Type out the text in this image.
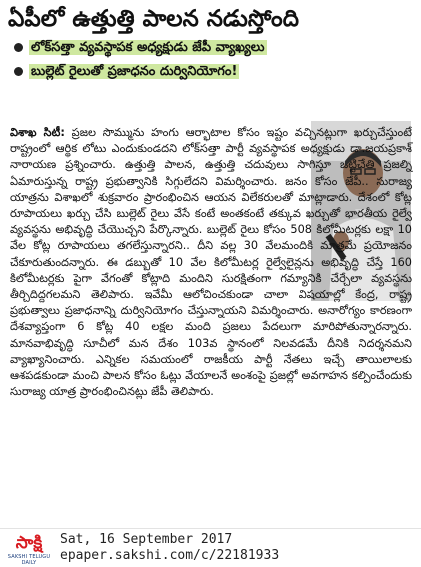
ఏపీలో ఉత్తుత్తి పాలన నడుస్తోంది
లోక్‌సత్తా వ్యవస్థాపక అధ్యక్షుడు జేపీ వ్యాఖ్యలు
బుల్లెట్ రైలుతో ప్రజాధనం దుర్వినియోగం!

విశాఖ సిటీ: ప్రజల సొమ్మును హంగు ఆర్భాటాల కోసం ఇష్టం వచ్చినట్లుగా ఖర్చుచేస్తుంటే రాష్ట్రంలో ఆర్థిక లోటు ఎందుకుండదని లోక్‌సత్తా పార్టీ వ్యవస్థాపక అధ్యక్షుడు డా.జయప్రకాశ్ నారాయణ ప్రశ్నించారు. ఉత్తుత్తి పాలన, ఉత్తుత్తి చదువులు సాగిస్తూ ఒట్టిచేతి ప్రజల్ని ఏమారుస్తున్న రాష్ట్ర ప్రభుత్వానికి సిగ్గులేదని విమర్శించారు. జనం కోసం జేపీ.. సురాజ్య యాత్రను విశాఖలో శుక్రవారం ప్రారంభించిన ఆయన విలేకరులతో మాట్లాడారు. దేశంలో కోట్ల రూపాయలు ఖర్చు చేసి బుల్లెట్ రైలు వేసే కంటే అంతకంటే తక్కువ ఖర్చుతో భారతీయ రైల్వే వ్యవస్థను అభివృద్ధి చేయొచ్చని పేర్కొన్నారు. బుల్లెట్ రైలు కోసం 508 కిలోమీటర్లకు లక్షా 10 వేల కోట్ల రూపాయలు తగలేస్తున్నారని.. దీని వల్ల 30 వేలమందికి మాత్రమే ప్రయోజనం చేకూరుతుందన్నారు. ఈ డబ్బుతో 10 వేల కిలోమీటర్ల రైల్వేలైన్లను అభివృద్ధి చేస్తే 160 కిలోమీటర్లకు పైగా వేగంతో కోట్లాది మందిని సురక్షితంగా గమ్యానికి చేర్చేలా వ్యవస్థను తీర్చిదిద్దగలమని తెలిపారు. ఇవేమీ ఆలోచించకుండా చాలా విషయాల్లో కేంద్ర, రాష్ట్ర ప్రభుత్వాలు ప్రజాధనాన్ని దుర్వినియోగం చేస్తున్నాయని విమర్శించారు. అనారోగ్యం కారణంగా దేశవ్యాప్తంగా 6 కోట్ల 40 లక్షల మంది ప్రజలు పేదలుగా మారిపోతున్నారన్నారు. మానవాభివృద్ధి సూచీలో మన దేశం 103వ స్థానంలో నిలవడమే దీనికి నిదర్శనమని వ్యాఖ్యానించారు. ఎన్నికల సమయంలో రాజకీయ పార్టీ నేతలు ఇచ్చే తాయిలాలకు ఆశపడకుండా మంచి పాలన కోసం ఓట్లు వేయాలనే అంశంపై ప్రజల్లో అవగాహన కల్పించేందుకు సురాజ్య యాత్ర ప్రారంభించినట్లు జేపీ తెలిపారు.

సాక్షి
SAKSHI TELUGU DAILY
Sat, 16 September 2017
epaper.sakshi.com/c/22181933
